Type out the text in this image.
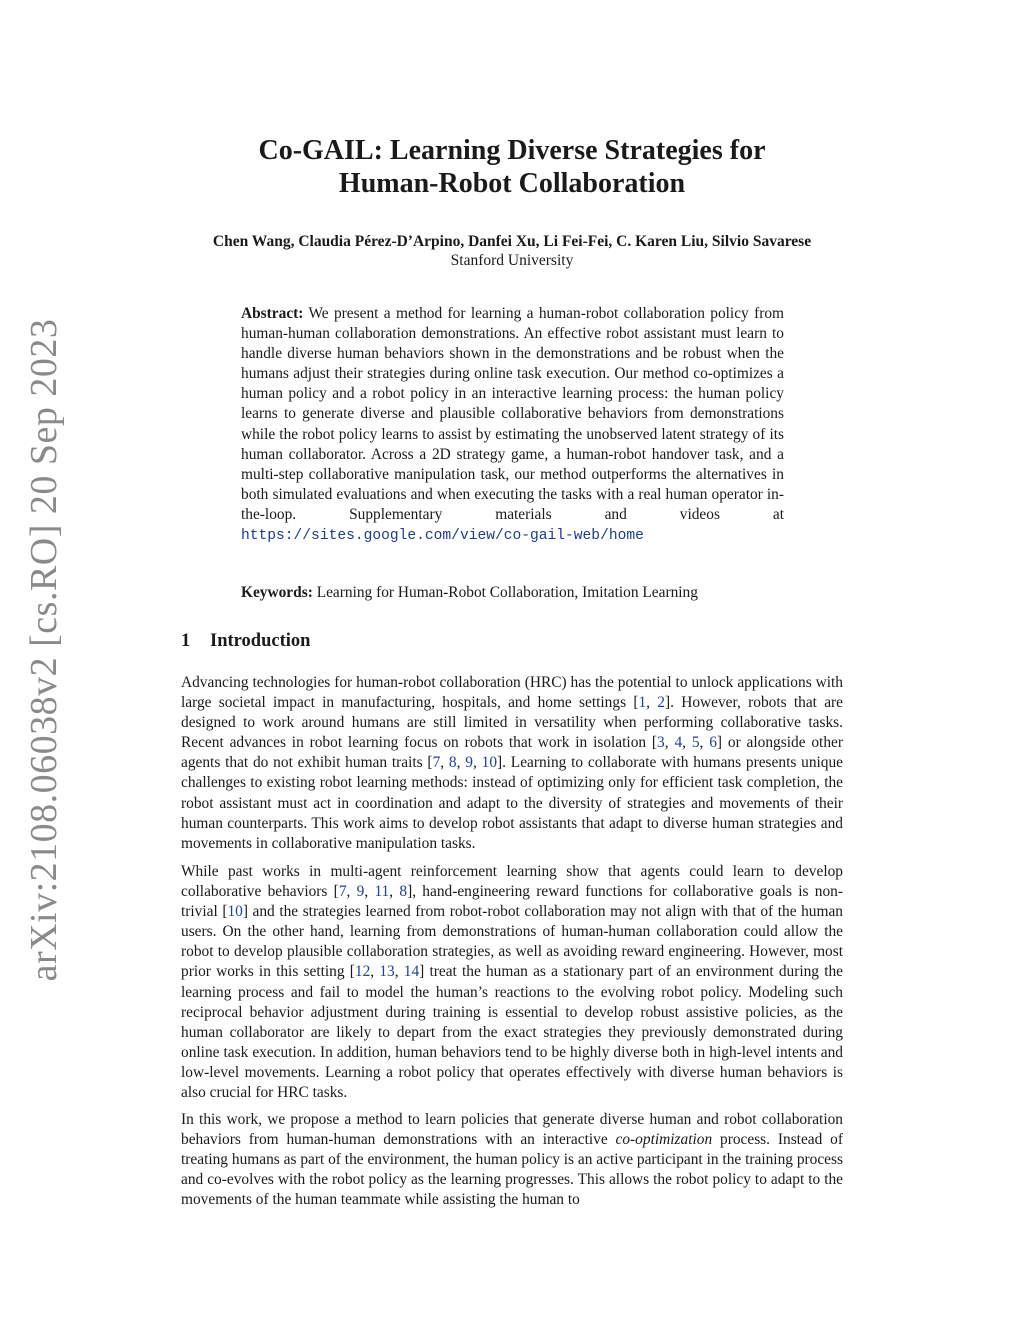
arXiv:2108.06038v2 [cs.RO] 20 Sep 2023
Co-GAIL: Learning Diverse Strategies for
Human-Robot Collaboration
Chen Wang, Claudia Pérez-D’Arpino, Danfei Xu, Li Fei-Fei, C. Karen Liu, Silvio Savarese
Stanford University

Abstract: We present a method for learning a human-robot collaboration policy from human-human collaboration demonstrations. An effective robot assistant must learn to handle diverse human behaviors shown in the demonstrations and be robust when the humans adjust their strategies during online task execution. Our method co-optimizes a human policy and a robot policy in an interactive learning process: the human policy learns to generate diverse and plausible collaborative behaviors from demonstrations while the robot policy learns to assist by estimating the unobserved latent strategy of its human collaborator. Across a 2D strategy game, a human-robot handover task, and a multi-step collaborative manipulation task, our method outperforms the alternatives in both simulated evaluations and when executing the tasks with a real human operator in-the-loop. Supplementary materials and videos at https://sites.google.com/view/co-gail-web/home

Keywords: Learning for Human-Robot Collaboration, Imitation Learning

1 Introduction

Advancing technologies for human-robot collaboration (HRC) has the potential to unlock applications with large societal impact in manufacturing, hospitals, and home settings [1, 2]. However, robots that are designed to work around humans are still limited in versatility when performing collaborative tasks. Recent advances in robot learning focus on robots that work in isolation [3, 4, 5, 6] or alongside other agents that do not exhibit human traits [7, 8, 9, 10]. Learning to collaborate with humans presents unique challenges to existing robot learning methods: instead of optimizing only for efficient task completion, the robot assistant must act in coordination and adapt to the diversity of strategies and movements of their human counterparts. This work aims to develop robot assistants that adapt to diverse human strategies and movements in collaborative manipulation tasks.

While past works in multi-agent reinforcement learning show that agents could learn to develop collaborative behaviors [7, 9, 11, 8], hand-engineering reward functions for collaborative goals is non-trivial [10] and the strategies learned from robot-robot collaboration may not align with that of the human users. On the other hand, learning from demonstrations of human-human collaboration could allow the robot to develop plausible collaboration strategies, as well as avoiding reward engineering. However, most prior works in this setting [12, 13, 14] treat the human as a stationary part of an environment during the learning process and fail to model the human’s reactions to the evolving robot policy. Modeling such reciprocal behavior adjustment during training is essential to develop robust assistive policies, as the human collaborator are likely to depart from the exact strategies they previously demonstrated during online task execution. In addition, human behaviors tend to be highly diverse both in high-level intents and low-level movements. Learning a robot policy that operates effectively with diverse human behaviors is also crucial for HRC tasks.

In this work, we propose a method to learn policies that generate diverse human and robot collaboration behaviors from human-human demonstrations with an interactive co-optimization process. Instead of treating humans as part of the environment, the human policy is an active participant in the training process and co-evolves with the robot policy as the learning progresses. This allows the robot policy to adapt to the movements of the human teammate while assisting the human to
